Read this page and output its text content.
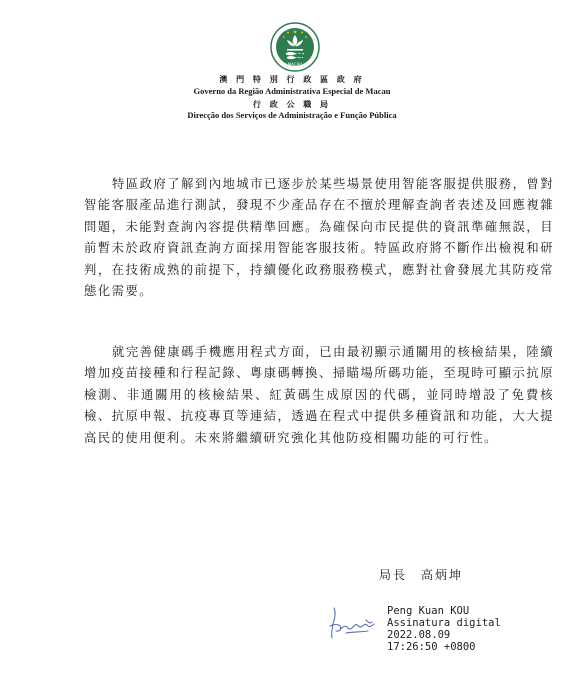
MACAU
澳 門 特 別 行 政 區 政 府
Governo da Região Administrativa Especial de Macau
行 政 公 職 局
Direcção dos Serviços de Administração e Função Pública

特區政府了解到內地城市已逐步於某些場景使用智能客服提供服務，曾對智能客服產品進行測試，發現不少產品存在不擅於理解查詢者表述及回應複雜問題，未能對查詢內容提供精準回應。為確保向市民提供的資訊準確無誤，目前暫未於政府資訊查詢方面採用智能客服技術。特區政府將不斷作出檢視和研判，在技術成熟的前提下，持續優化政務服務模式，應對社會發展尤其防疫常態化需要。

就完善健康碼手機應用程式方面，已由最初顯示通關用的核檢結果，陸續增加疫苗接種和行程記錄、粵康碼轉換、掃瞄場所碼功能，至現時可顯示抗原檢測、非通關用的核檢結果、紅黃碼生成原因的代碼，並同時增設了免費核檢、抗原申報、抗疫專頁等連結，透過在程式中提供多種資訊和功能，大大提高民的使用便利。未來將繼續研究強化其他防疫相關功能的可行性。

局長　高炳坤
Peng Kuan KOU
Assinatura digital
2022.08.09
17:26:50 +0800
